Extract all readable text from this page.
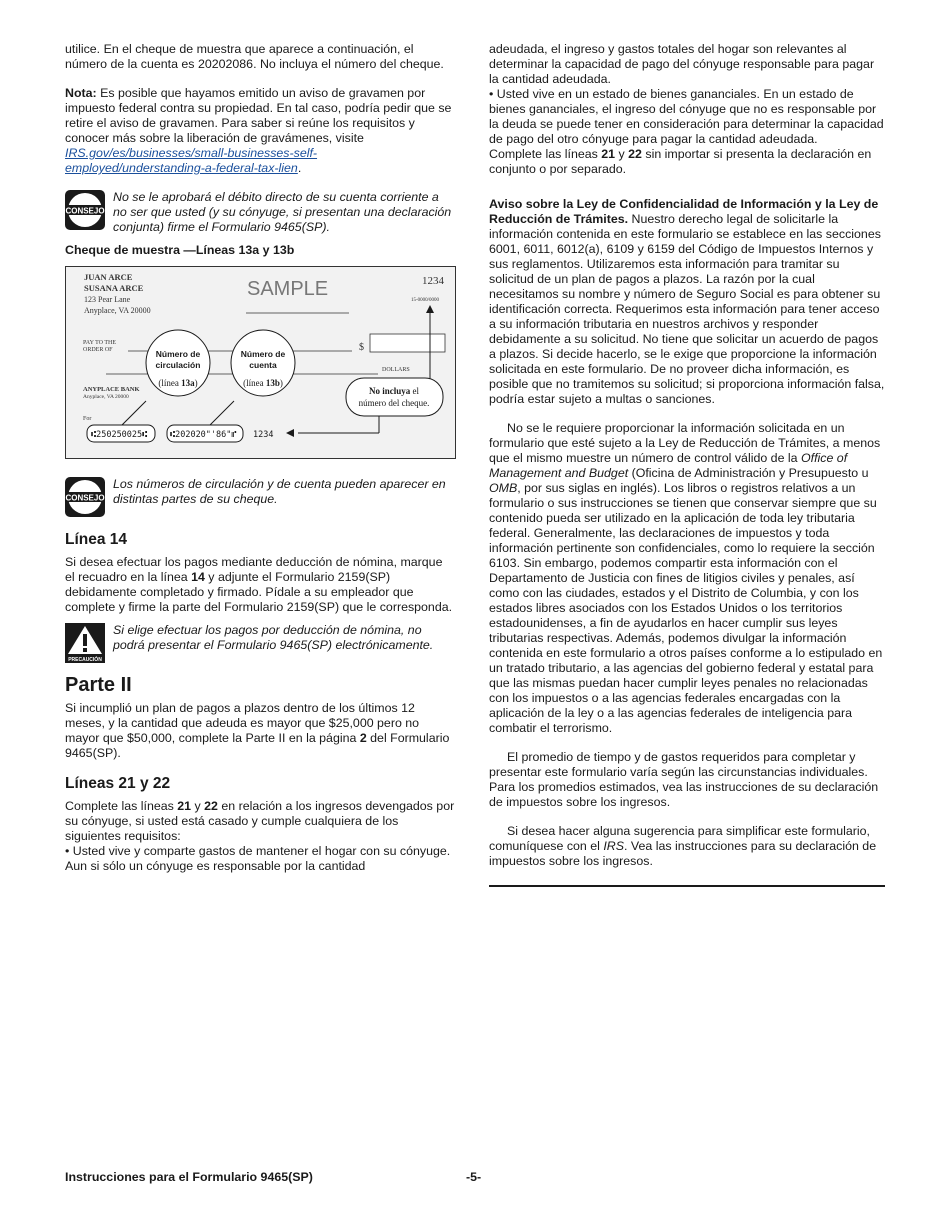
utilice. En el cheque de muestra que aparece a continuación, el número de la cuenta es 20202086. No incluya el número del cheque.

Nota: Es posible que hayamos emitido un aviso de gravamen por impuesto federal contra su propiedad. En tal caso, podría pedir que se retire el aviso de gravamen. Para saber si reúne los requisitos y conocer más sobre la liberación de gravámenes, visite IRS.gov/es/businesses/small-businesses-self-employed/understanding-a-federal-tax-lien.

CONSEJO

No se le aprobará el débito directo de su cuenta corriente a no ser que usted (y su cónyuge, si presentan una declaración conjunta) firme el Formulario 9465(SP).

Cheque de muestra —Líneas 13a y 13b

JUAN ARCE
SUSANA ARCE
123 Pear Lane
Anyplace, VA 20000
1234
15-0000/0000
PAY TO THE
ORDER OF	$
DOLLARS
ANYPLACE BANK
Anyplace, VA 20000
For
SAMPLE
Número de
circulación
Número de
cuenta
(línea 13a)	(línea 13b)
No incluya el
número del cheque.
⑆250250025⑆	⑆202020"'86"⑈ 1234
CONSEJO

Los números de circulación y de cuenta pueden aparecer en distintas partes de su cheque.

Línea 14

Si desea efectuar los pagos mediante deducción de nómina, marque el recuadro en la línea 14 y adjunte el Formulario 2159(SP) debidamente completado y firmado. Pídale a su empleador que complete y firme la parte del Formulario 2159(SP) que le corresponda.

PRECAUCIÓN

Si elige efectuar los pagos por deducción de nómina, no podrá presentar el Formulario 9465(SP) electrónicamente.

Parte II

Si incumplió un plan de pagos a plazos dentro de los últimos 12 meses, y la cantidad que adeuda es mayor que $25,000 pero no mayor que $50,000, complete la Parte II en la página 2 del Formulario 9465(SP).

Líneas 21 y 22

Complete las líneas 21 y 22 en relación a los ingresos devengados por su cónyuge, si usted está casado y cumple cualquiera de los siguientes requisitos:

• Usted vive y comparte gastos de mantener el hogar con su cónyuge. Aun si sólo un cónyuge es responsable por la cantidad

adeudada, el ingreso y gastos totales del hogar son relevantes al determinar la capacidad de pago del cónyuge responsable para pagar la cantidad adeudada.

• Usted vive en un estado de bienes gananciales. En un estado de bienes gananciales, el ingreso del cónyuge que no es responsable por la deuda se puede tener en consideración para determinar la capacidad de pago del otro cónyuge para pagar la cantidad adeudada.

Complete las líneas 21 y 22 sin importar si presenta la declaración en conjunto o por separado.

Aviso sobre la Ley de Confidencialidad de Información y la Ley de Reducción de Trámites. Nuestro derecho legal de solicitarle la información contenida en este formulario se establece en las secciones 6001, 6011, 6012(a), 6109 y 6159 del Código de Impuestos Internos y sus reglamentos. Utilizaremos esta información para tramitar su solicitud de un plan de pagos a plazos. La razón por la cual necesitamos su nombre y número de Seguro Social es para obtener su identificación correcta. Requerimos esta información para tener acceso a su información tributaria en nuestros archivos y responder debidamente a su solicitud. No tiene que solicitar un acuerdo de pagos a plazos. Si decide hacerlo, se le exige que proporcione la información solicitada en este formulario. De no proveer dicha información, es posible que no tramitemos su solicitud; si proporciona información falsa, podría estar sujeto a multas o sanciones.

No se le requiere proporcionar la información solicitada en un formulario que esté sujeto a la Ley de Reducción de Trámites, a menos que el mismo muestre un número de control válido de la Office of Management and Budget (Oficina de Administración y Presupuesto u OMB, por sus siglas en inglés). Los libros o registros relativos a un formulario o sus instrucciones se tienen que conservar siempre que su contenido pueda ser utilizado en la aplicación de toda ley tributaria federal. Generalmente, las declaraciones de impuestos y toda información pertinente son confidenciales, como lo requiere la sección 6103. Sin embargo, podemos compartir esta información con el Departamento de Justicia con fines de litigios civiles y penales, así como con las ciudades, estados y el Distrito de Columbia, y con los estados libres asociados con los Estados Unidos o los territorios estadounidenses, a fin de ayudarlos en hacer cumplir sus leyes tributarias respectivas. Además, podemos divulgar la información contenida en este formulario a otros países conforme a lo estipulado en un tratado tributario, a las agencias del gobierno federal y estatal para que las mismas puedan hacer cumplir leyes penales no relacionadas con los impuestos o a las agencias federales encargadas con la aplicación de la ley o a las agencias federales de inteligencia para combatir el terrorismo.

El promedio de tiempo y de gastos requeridos para completar y presentar este formulario varía según las circunstancias individuales. Para los promedios estimados, vea las instrucciones de su declaración de impuestos sobre los ingresos.

Si desea hacer alguna sugerencia para simplificar este formulario, comuníquese con el IRS. Vea las instrucciones para su declaración de impuestos sobre los ingresos.

Instrucciones para el Formulario 9465(SP)	-5-
